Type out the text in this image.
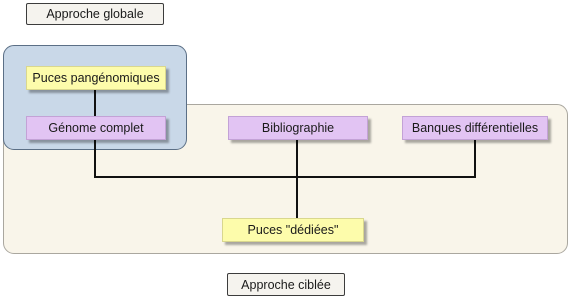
Approche globale
Approche ciblée
Puces pangénomiques
Génome complet	Bibliographie	Banques différentielles
Puces "dédiées"
